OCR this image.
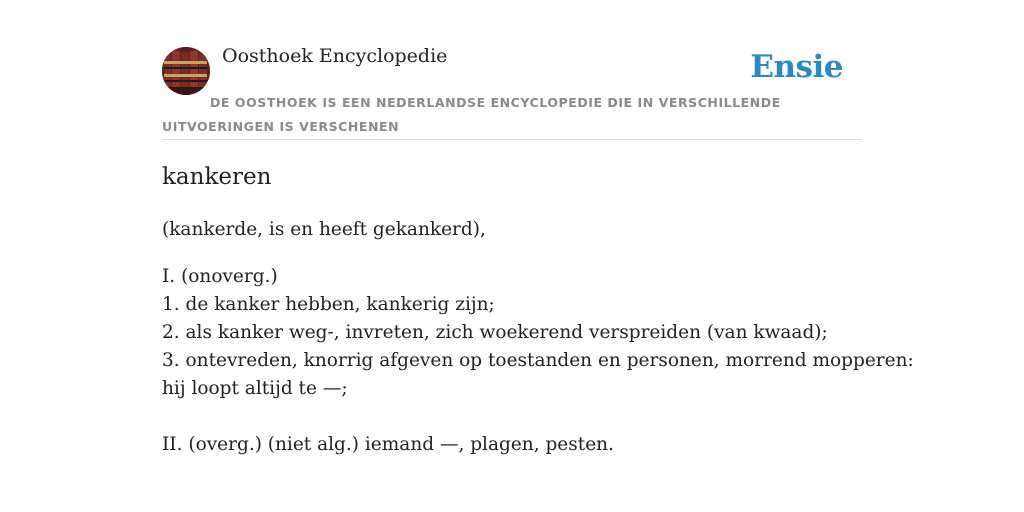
Oosthoek Encyclopedie	Ensie
DE OOSTHOEK IS EEN NEDERLANDSE ENCYCLOPEDIE DIE IN VERSCHILLENDE UITVOERINGEN IS VERSCHENEN
kankeren

(kankerde, is en heeft gekankerd),

I. (onoverg.)
1. de kanker hebben, kankerig zijn;
2. als kanker weg-, invreten, zich woekerend verspreiden (van kwaad);
3. ontevreden, knorrig afgeven op toestanden en personen, morrend mopperen:
hij loopt altijd te —;

II. (overg.) (niet alg.) iemand —, plagen, pesten.
